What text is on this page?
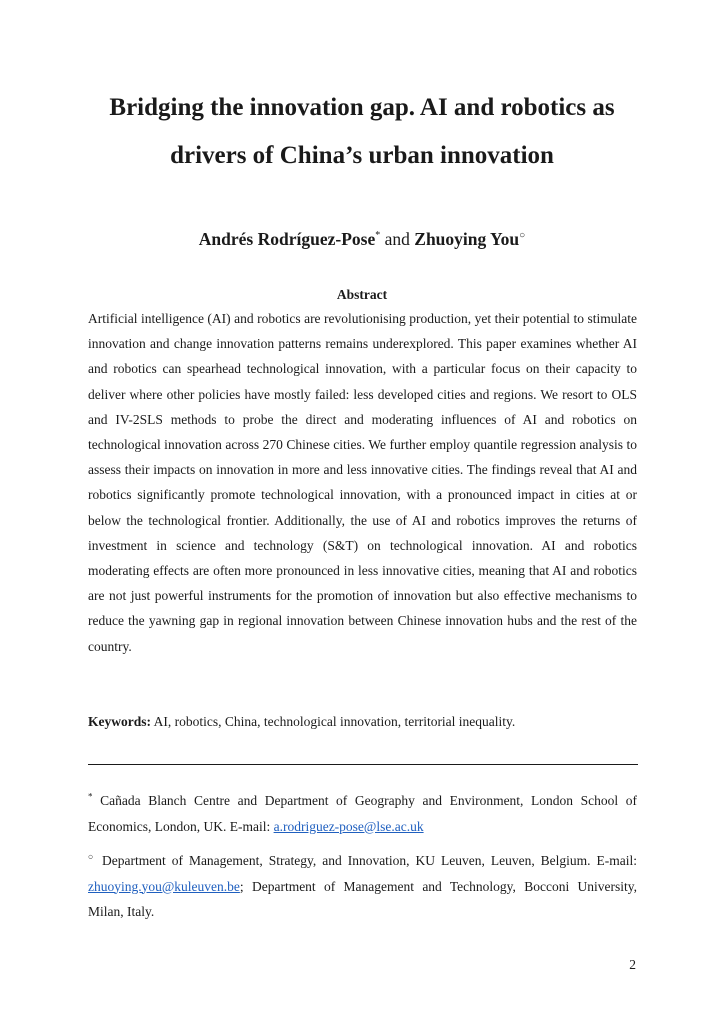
Bridging the innovation gap. AI and robotics as
drivers of China’s urban innovation

Andrés Rodríguez-Pose* and Zhuoying You○

Abstract

Artificial intelligence (AI) and robotics are revolutionising production, yet their potential to stimulate innovation and change innovation patterns remains underexplored. This paper examines whether AI and robotics can spearhead technological innovation, with a particular focus on their capacity to deliver where other policies have mostly failed: less developed cities and regions. We resort to OLS and IV-2SLS methods to probe the direct and moderating influences of AI and robotics on technological innovation across 270 Chinese cities. We further employ quantile regression analysis to assess their impacts on innovation in more and less innovative cities. The findings reveal that AI and robotics significantly promote technological innovation, with a pronounced impact in cities at or below the technological frontier. Additionally, the use of AI and robotics improves the returns of investment in science and technology (S&T) on technological innovation. AI and robotics moderating effects are often more pronounced in less innovative cities, meaning that AI and robotics are not just powerful instruments for the promotion of innovation but also effective mechanisms to reduce the yawning gap in regional innovation between Chinese innovation hubs and the rest of the country.

Keywords: AI, robotics, China, technological innovation, territorial inequality.

* Cañada Blanch Centre and Department of Geography and Environment, London School of Economics, London, UK. E-mail: a.rodriguez-pose@lse.ac.uk

○ Department of Management, Strategy, and Innovation, KU Leuven, Leuven, Belgium. E-mail: zhuoying.you@kuleuven.be; Department of Management and Technology, Bocconi University, Milan, Italy.

2
